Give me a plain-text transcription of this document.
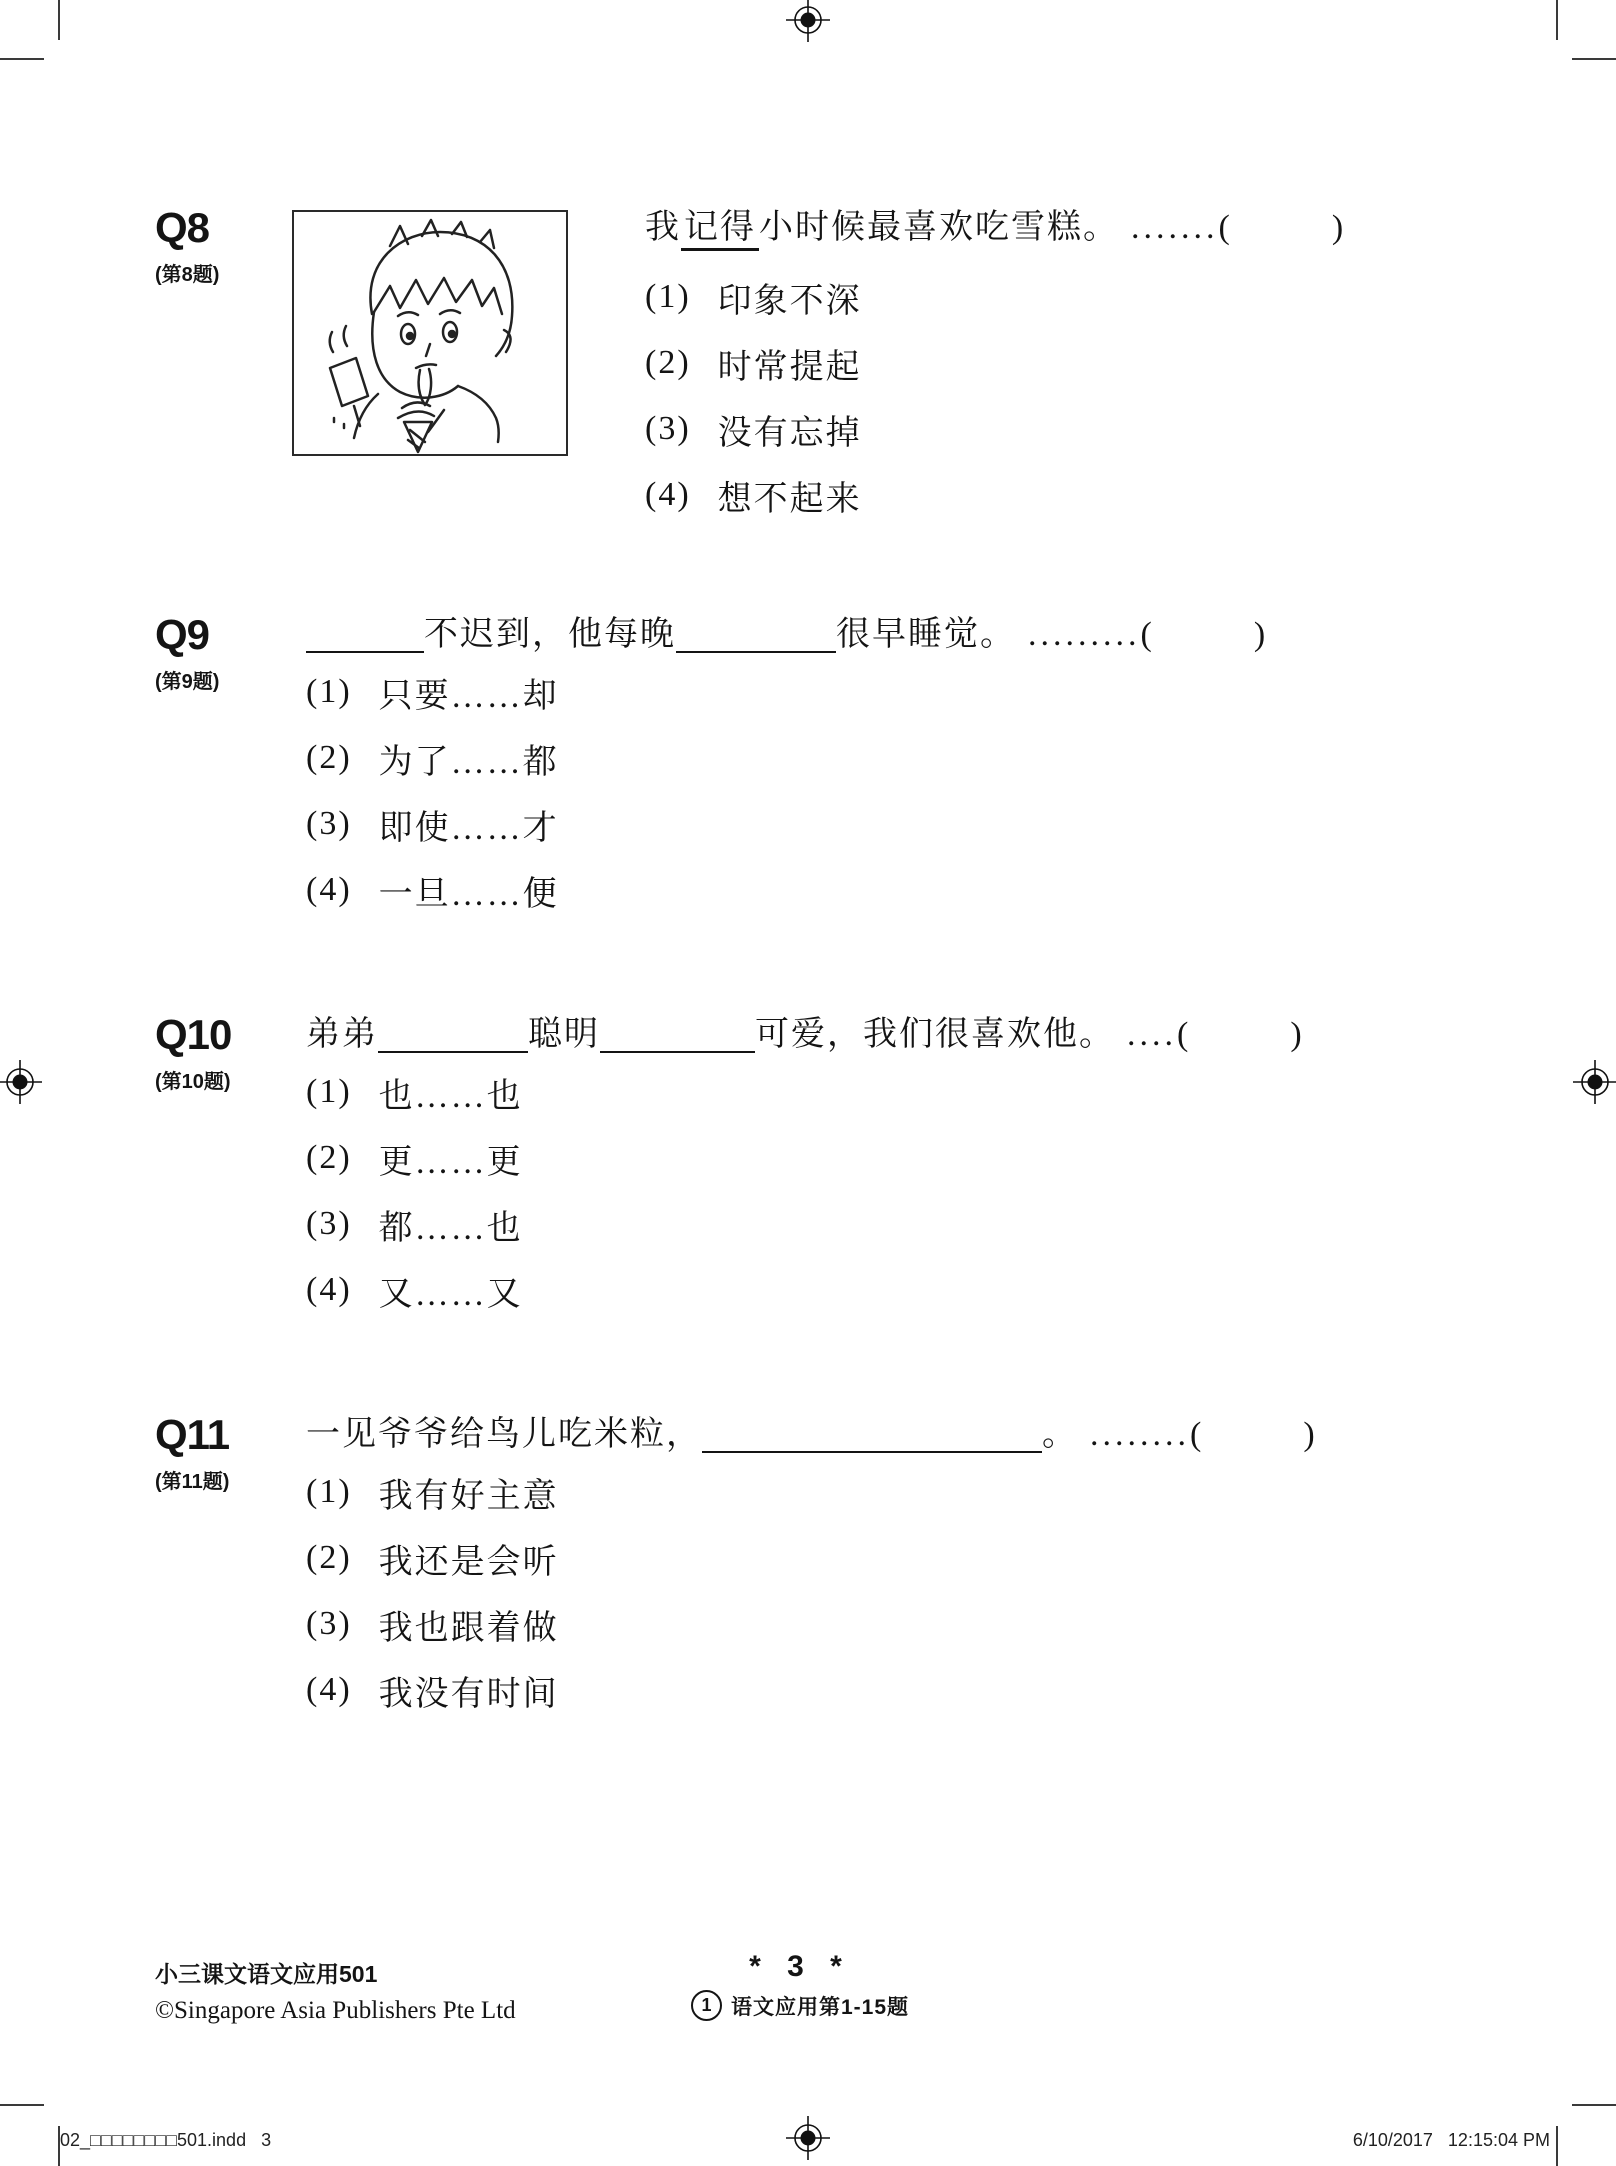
Q8
(第8题)
我记得小时候最喜欢吃雪糕。 .......(	)
(1) 印象不深
(2) 时常提起
(3) 没有忘掉
(4) 想不起来
Q9
(第9题)
不迟到，他每晚	很早睡觉。 .........(	)
(1) 只要……却
(2) 为了……都
(3) 即使……才
(4) 一旦……便
Q10
(第10题)
弟弟	聪明	可爱，我们很喜欢他。 ....(	)
(1) 也……也
(2) 更……更
(3) 都……也
(4) 又……又
Q11
(第11题)
一见爷爷给鸟儿吃米粒，	。 ........(	)
(1) 我有好主意
(2) 我还是会听
(3) 我也跟着做
(4) 我没有时间
小三课文语文应用501
©Singapore Asia Publishers Pte Ltd
* 3 *
1 语文应用第1-15题
02_□□□□□□□□501.indd   3	6/10/2017   12:15:04 PM
